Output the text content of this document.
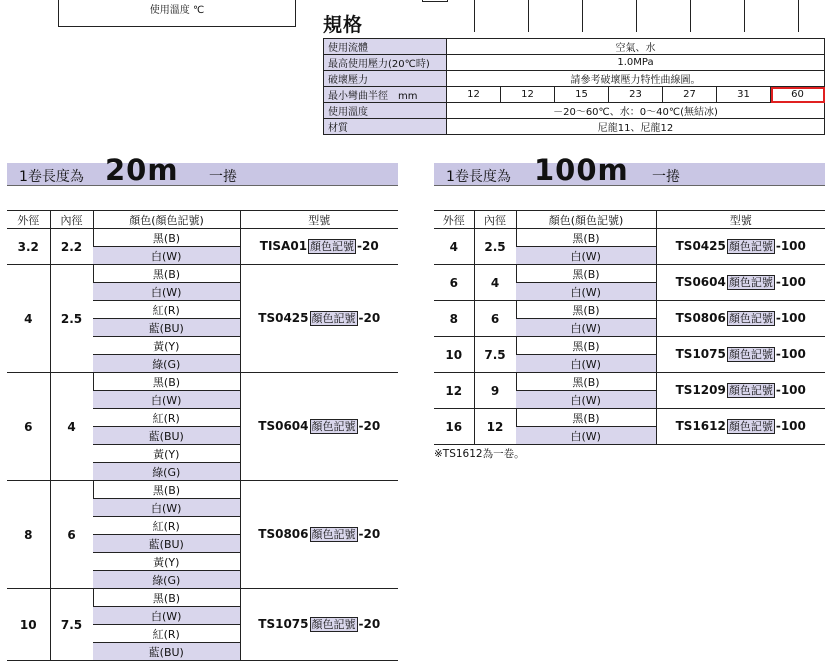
使用溫度 ℃
規格
使用流體	空氣、水						
最高使用壓力(20℃時)	1.0MPa						
破壞壓力	請參考破壞壓力特性曲線圖。						
最小彎曲半徑　mm	12	12	15	23	27	31	60
使用溫度	－20～60℃、水：0～40℃(無結冰)						
材質	尼龍11、尼龍12						
1卷長度為 20m 一捲	1卷長度為 100m 一捲
外徑	內徑	顏色(顏色記號)	型號
3.2	2.2	黑(B)	TISA01 顏色記號 -20
		白(W)	
4	2.5	黑(B)	TS0425 顏色記號 -20
		白(W)	
		紅(R)	
		藍(BU)	
		黃(Y)	
		綠(G)	
6	4	黑(B)	TS0604 顏色記號 -20
		白(W)	
		紅(R)	
		藍(BU)	
		黃(Y)	
		綠(G)	
8	6	黑(B)	TS0806 顏色記號 -20
		白(W)	
		紅(R)	
		藍(BU)	
		黃(Y)	
		綠(G)	
10	7.5	黑(B)	TS1075 顏色記號 -20
		白(W)	
		紅(R)	
		藍(BU)	
外徑	內徑	顏色(顏色記號)	型號
4	2.5	黑(B)	TS0425 顏色記號 -100
		白(W)	
6	4	黑(B)	TS0604 顏色記號 -100
		白(W)	
8	6	黑(B)	TS0806 顏色記號 -100
		白(W)	
10	7.5	黑(B)	TS1075 顏色記號 -100
		白(W)	
12	9	黑(B)	TS1209 顏色記號 -100
		白(W)	
16	12	黑(B)	TS1612 顏色記號 -100
		白(W)	
※TS1612為一卷。
